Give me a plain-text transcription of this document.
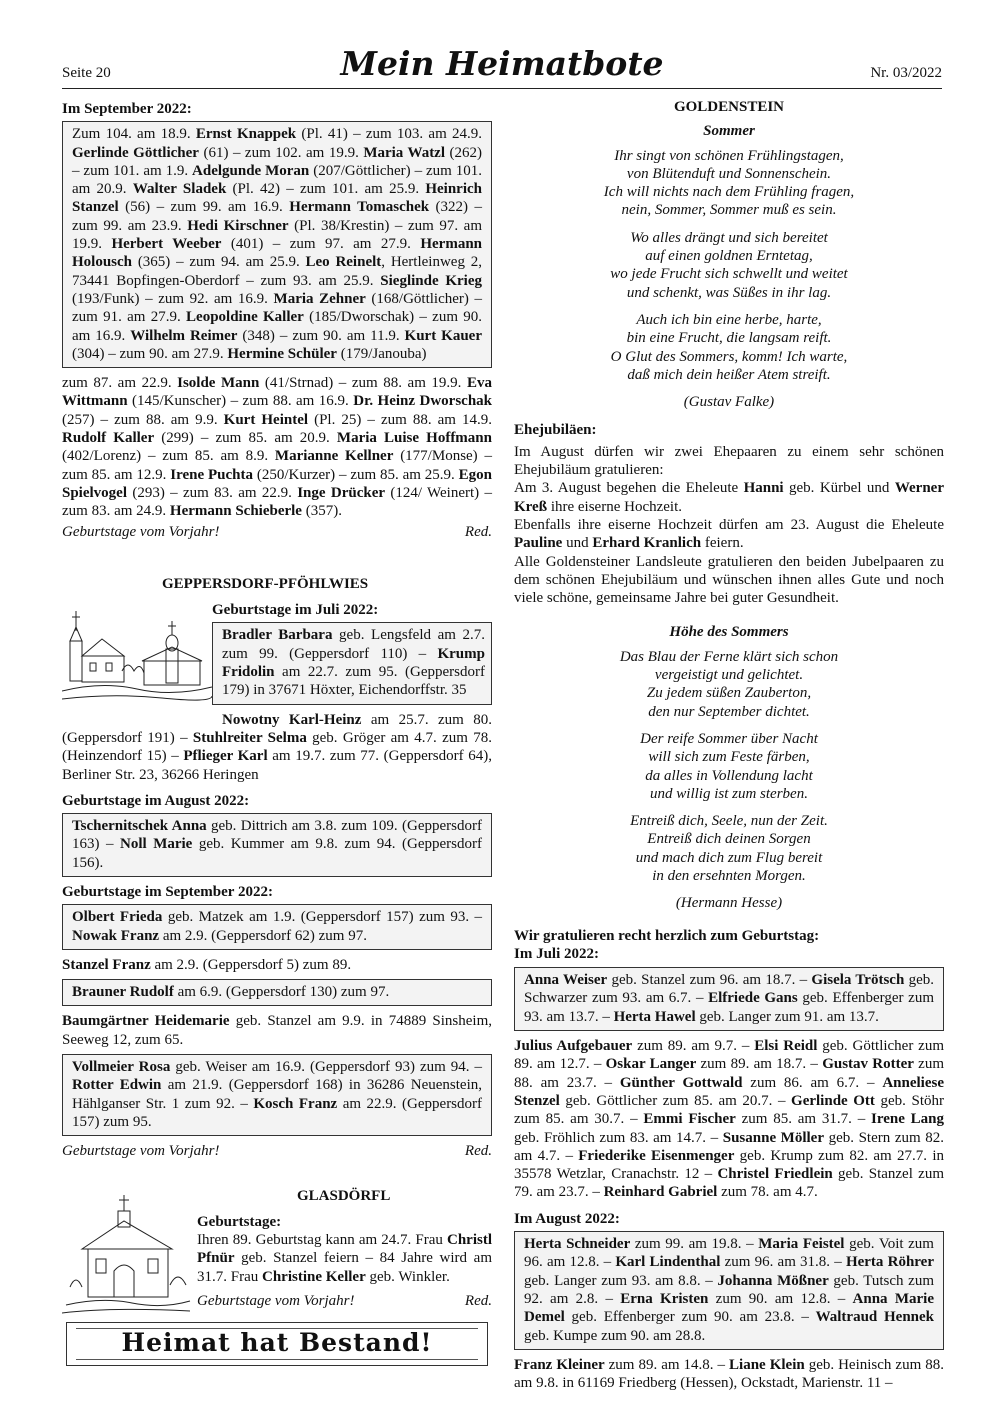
Seite 20	Mein Heimatbote	Nr. 03/2022

Im September 2022:

Zum 104. am 18.9. Ernst Knappek (Pl. 41) – zum 103. am 24.9. Gerlinde Göttlicher (61) – zum 102. am 19.9. Maria Watzl (262) – zum 101. am 1.9. Adelgunde Moran (207/Göttlicher) – zum 101. am 20.9. Walter Sladek (Pl. 42) – zum 101. am 25.9. Heinrich Stanzel (56) – zum 99. am 16.9. Hermann Tomaschek (322) – zum 99. am 23.9. Hedi Kirschner (Pl. 38/Krestin) – zum 97. am 19.9. Herbert Weeber (401) – zum 97. am 27.9. Hermann Holousch (365) – zum 94. am 25.9. Leo Reinelt, Hertleinweg 2, 73441 Bopfingen-Oberdorf – zum 93. am 25.9. Sieglinde Krieg (193/Funk) – zum 92. am 16.9. Maria Zehner (168/Göttlicher) – zum 91. am 27.9. Leopoldine Kaller (185/Dworschak) – zum 90. am 16.9. Wilhelm Reimer (348) – zum 90. am 11.9. Kurt Kauer (304) – zum 90. am 27.9. Hermine Schüler (179/Janouba)

zum 87. am 22.9. Isolde Mann (41/Strnad) – zum 88. am 19.9. Eva Wittmann (145/Kunscher) – zum 88. am 16.9. Dr. Heinz Dworschak (257) – zum 88. am 9.9. Kurt Heintel (Pl. 25) – zum 88. am 14.9. Rudolf Kaller (299) – zum 85. am 20.9. Maria Luise Hoffmann (402/Lorenz) – zum 85. am 8.9. Marianne Kellner (177/Monse) – zum 85. am 12.9. Irene Puchta (250/Kurzer) – zum 85. am 25.9. Egon Spielvogel (293) – zum 83. am 22.9. Inge Drücker (124/ Weinert) – zum 83. am 24.9. Hermann Schieberle (357).

Geburtstage vom Vorjahr!	Red.

GEPPERSDORF-PFÖHLWIES

Geburtstage im Juli 2022:

Bradler Barbara geb. Lengsfeld am 2.7. zum 99. (Geppersdorf 110) – Krump Fridolin am 22.7. zum 95. (Geppersdorf 179) in 37671 Höxter, Eichendorffstr. 35

Nowotny Karl-Heinz am 25.7. zum 80. (Geppersdorf 191) – Stuhlreiter Selma geb. Gröger am 4.7. zum 78. (Heinzendorf 15) – Pflieger Karl am 19.7. zum 77. (Geppersdorf 64), Berliner Str. 23, 36266 Heringen

Geburtstage im August 2022:

Tschernitschek Anna geb. Dittrich am 3.8. zum 109. (Geppersdorf 163) – Noll Marie geb. Kummer am 9.8. zum 94. (Geppersdorf 156).

Geburtstage im September 2022:

Olbert Frieda geb. Matzek am 1.9. (Geppersdorf 157) zum 93. – Nowak Franz am 2.9. (Geppersdorf 62) zum 97.

Stanzel Franz am 2.9. (Geppersdorf 5) zum 89.

Brauner Rudolf am 6.9. (Geppersdorf 130) zum 97.

Baumgärtner Heidemarie geb. Stanzel am 9.9. in 74889 Sinsheim, Seeweg 12, zum 65.

Vollmeier Rosa geb. Weiser am 16.9. (Geppersdorf 93) zum 94. – Rotter Edwin am 21.9. (Geppersdorf 168) in 36286 Neuenstein, Hählganser Str. 1 zum 92. – Kosch Franz am 22.9. (Geppersdorf 157) zum 95.

Geburtstage vom Vorjahr!	Red.

GLASDÖRFL

Geburtstage:

Ihren 89. Geburtstag kann am 24.7. Frau Christl Pfnür geb. Stanzel feiern – 84 Jahre wird am 31.7. Frau Christine Keller geb. Winkler.

Geburtstage vom Vorjahr!	Red.
Heimat hat Bestand!

GOLDENSTEIN

Sommer

Ihr singt von schönen Frühlingstagen,
von Blütenduft und Sonnenschein.
Ich will nichts nach dem Frühling fragen,
nein, Sommer, Sommer muß es sein.
Wo alles drängt und sich bereitet
auf einen goldnen Erntetag,
wo jede Frucht sich schwellt und weitet
und schenkt, was Süßes in ihr lag.
Auch ich bin eine herbe, harte,
bin eine Frucht, die langsam reift.
O Glut des Sommers, komm! Ich warte,
daß mich dein heißer Atem streift.

(Gustav Falke)

Ehejubiläen:

Im August dürfen wir zwei Ehepaaren zu einem sehr schönen Ehejubiläum gratulieren:

Am 3. August begehen die Eheleute Hanni geb. Kürbel und Werner Kreß ihre eiserne Hochzeit.

Ebenfalls ihre eiserne Hochzeit dürfen am 23. August die Eheleute Pauline und Erhard Kranlich feiern.

Alle Goldensteiner Landsleute gratulieren den beiden Jubelpaaren zu dem schönen Ehejubiläum und wünschen ihnen alles Gute und noch viele schöne, gemeinsame Jahre bei guter Gesundheit.

Höhe des Sommers

Das Blau der Ferne klärt sich schon
vergeistigt und gelichtet.
Zu jedem süßen Zauberton,
den nur September dichtet.
Der reife Sommer über Nacht
will sich zum Feste färben,
da alles in Vollendung lacht
und willig ist zum sterben.
Entreiß dich, Seele, nun der Zeit.
Entreiß dich deinen Sorgen
und mach dich zum Flug bereit
in den ersehnten Morgen.

(Hermann Hesse)

Wir gratulieren recht herzlich zum Geburtstag:

Im Juli 2022:

Anna Weiser geb. Stanzel zum 96. am 18.7. – Gisela Trötsch geb. Schwarzer zum 93. am 6.7. – Elfriede Gans geb. Effenberger zum 93. am 13.7. – Herta Hawel geb. Langer zum 91. am 13.7.

Julius Aufgebauer zum 89. am 9.7. – Elsi Reidl geb. Göttlicher zum 89. am 12.7. – Oskar Langer zum 89. am 18.7. – Gustav Rotter zum 88. am 23.7. – Günther Gottwald zum 86. am 6.7. – Anneliese Stenzel geb. Göttlicher zum 85. am 20.7. – Gerlinde Ott geb. Stöhr zum 85. am 30.7. – Emmi Fischer zum 85. am 31.7. – Irene Lang geb. Fröhlich zum 83. am 14.7. – Susanne Möller geb. Stern zum 82. am 4.7. – Friederike Eisenmenger geb. Krump zum 82. am 27.7. in 35578 Wetzlar, Cranachstr. 12 – Christel Friedlein geb. Stanzel zum 79. am 23.7. – Reinhard Gabriel zum 78. am 4.7.

Im August 2022:

Herta Schneider zum 99. am 19.8. – Maria Feistel geb. Voit zum 96. am 12.8. – Karl Lindenthal zum 96. am 31.8. – Herta Röhrer geb. Langer zum 93. am 8.8. – Johanna Mößner geb. Tutsch zum 92. am 2.8. – Erna Kristen zum 90. am 12.8. – Anna Marie Demel geb. Effenberger zum 90. am 23.8. – Waltraud Hennek geb. Kumpe zum 90. am 28.8.

Franz Kleiner zum 89. am 14.8. – Liane Klein geb. Heinisch zum 88. am 9.8. in 61169 Friedberg (Hessen), Ockstadt, Marienstr. 11 –
